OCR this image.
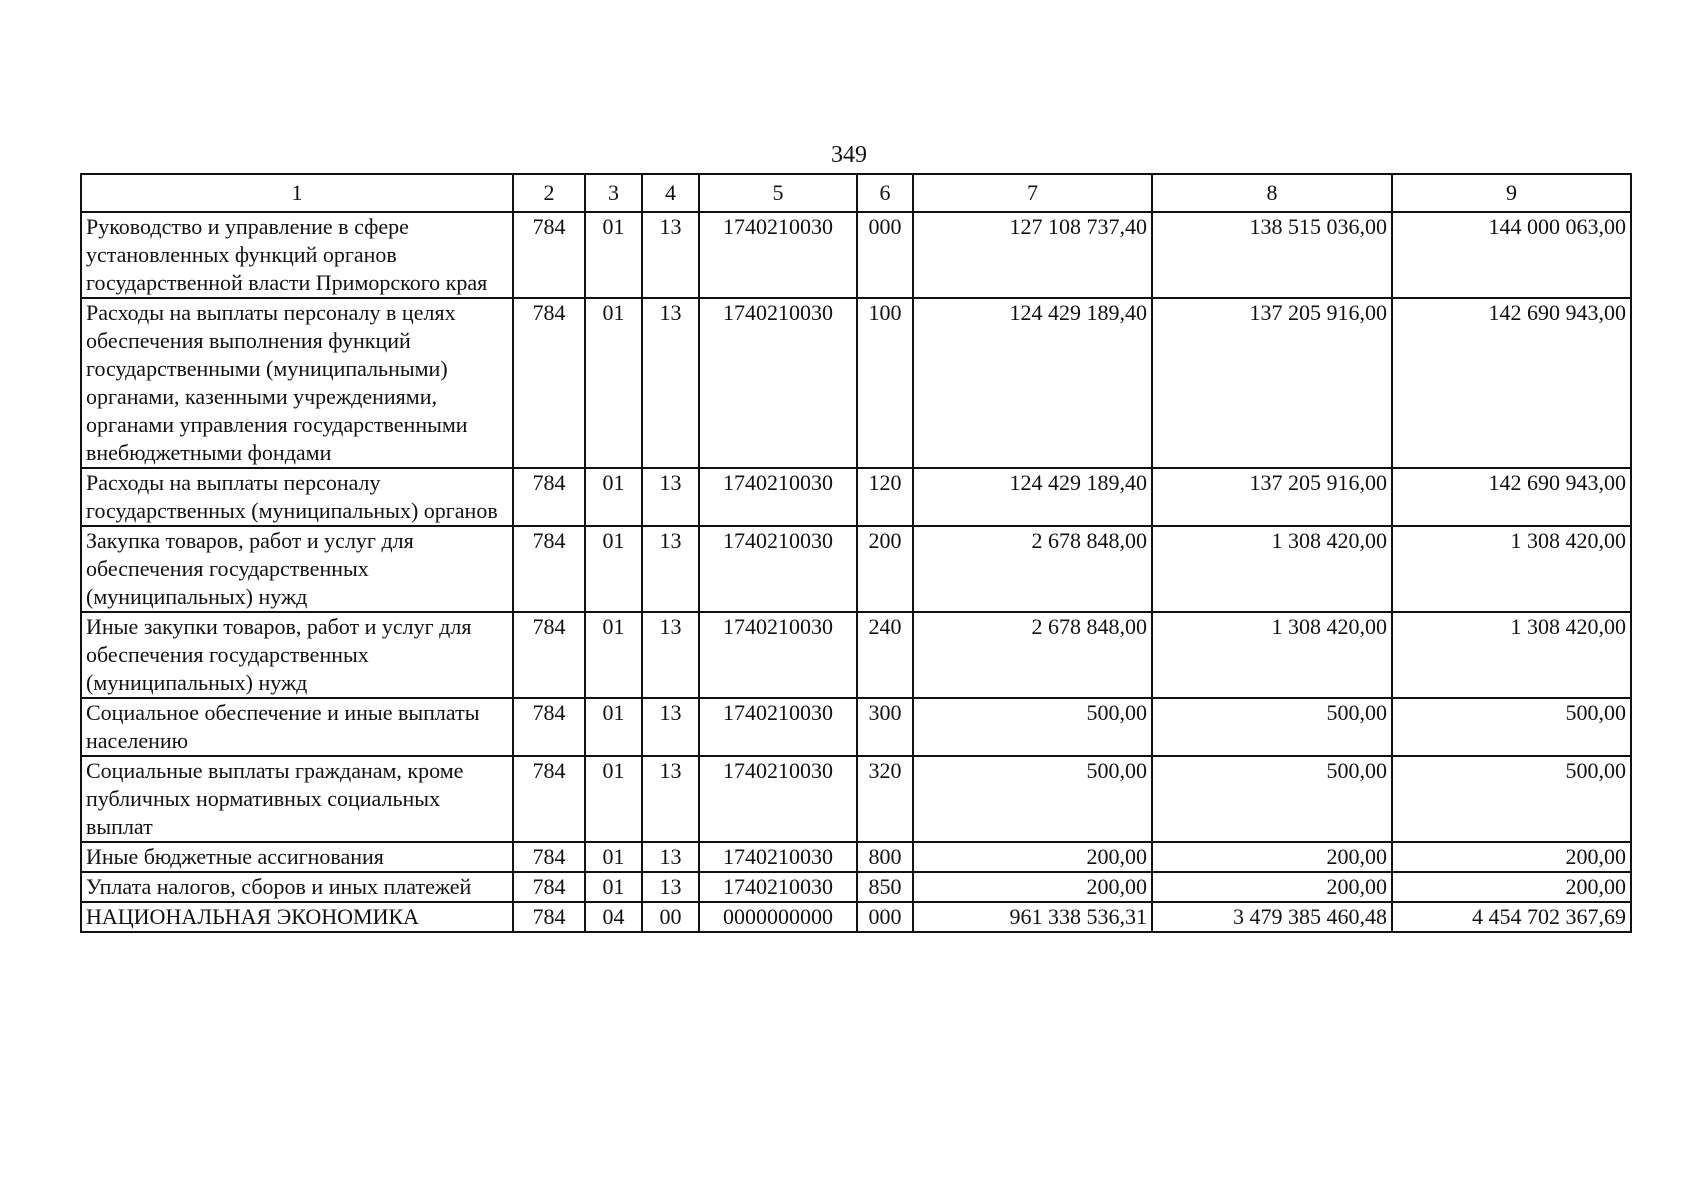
349
1	2	3	4	5	6	7	8	9
Руководство и управление в сфере установленных функций органов государственной власти Приморского края	784	01	13	1740210030	000	127 108 737,40	138 515 036,00	144 000 063,00
Расходы на выплаты персоналу в целях обеспечения выполнения функций государственными (муниципальными) органами, казенными учреждениями, органами управления государственными внебюджетными фондами	784	01	13	1740210030	100	124 429 189,40	137 205 916,00	142 690 943,00
Расходы на выплаты персоналу государственных (муниципальных) органов	784	01	13	1740210030	120	124 429 189,40	137 205 916,00	142 690 943,00
Закупка товаров, работ и услуг для обеспечения государственных (муниципальных) нужд	784	01	13	1740210030	200	2 678 848,00	1 308 420,00	1 308 420,00
Иные закупки товаров, работ и услуг для обеспечения государственных (муниципальных) нужд	784	01	13	1740210030	240	2 678 848,00	1 308 420,00	1 308 420,00
Социальное обеспечение и иные выплаты населению	784	01	13	1740210030	300	500,00	500,00	500,00
Социальные выплаты гражданам, кроме публичных нормативных социальных выплат	784	01	13	1740210030	320	500,00	500,00	500,00
Иные бюджетные ассигнования	784	01	13	1740210030	800	200,00	200,00	200,00
Уплата налогов, сборов и иных платежей	784	01	13	1740210030	850	200,00	200,00	200,00
НАЦИОНАЛЬНАЯ ЭКОНОМИКА	784	04	00	0000000000	000	961 338 536,31	3 479 385 460,48	4 454 702 367,69
